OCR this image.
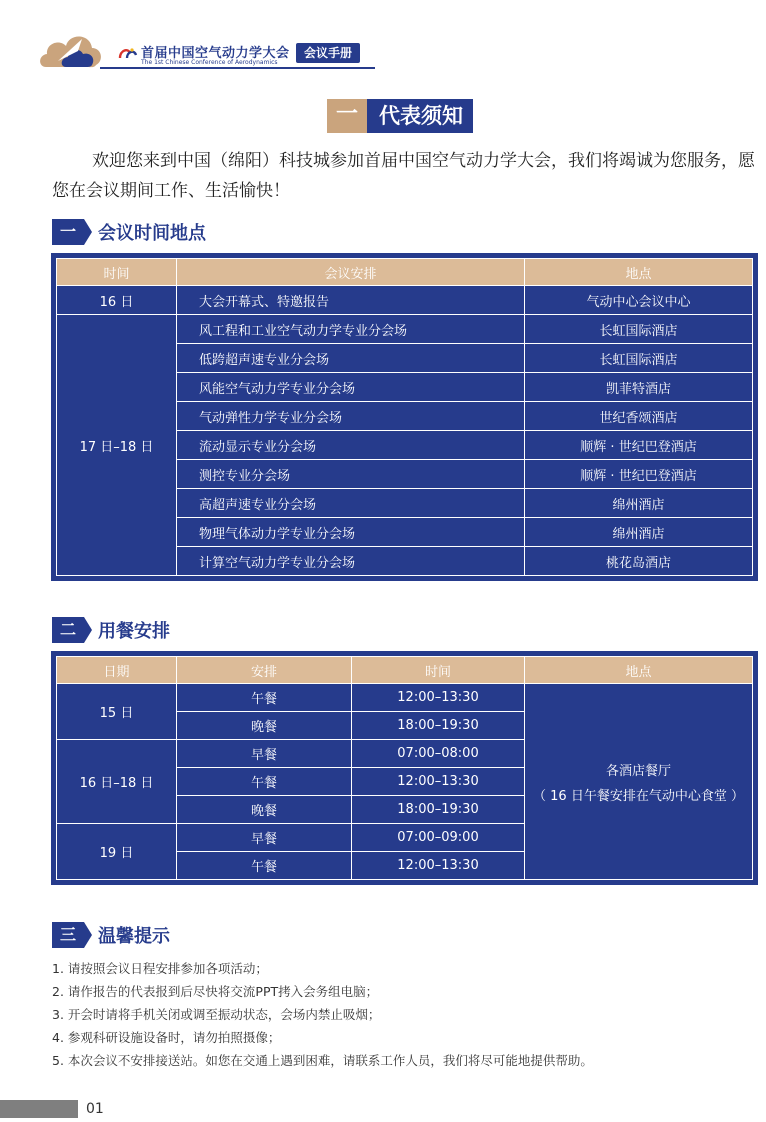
首届中国空气动力学大会
The 1st Chinese Conference of Aerodynamics
会议手册
一	代表须知

欢迎您来到中国（绵阳）科技城参加首届中国空气动力学大会，我们将竭诚为您服务，愿您在会议期间工作、生活愉快！

一	会议时间地点
时间	会议安排	地点
16 日	大会开幕式、特邀报告	气动中心会议中心
17 日–18 日	风工程和工业空气动力学专业分会场	长虹国际酒店
	低跨超声速专业分会场	长虹国际酒店
	风能空气动力学专业分会场	凯菲特酒店
	气动弹性力学专业分会场	世纪香颂酒店
	流动显示专业分会场	顺辉 · 世纪巴登酒店
	测控专业分会场	顺辉 · 世纪巴登酒店
	高超声速专业分会场	绵州酒店
	物理气体动力学专业分会场	绵州酒店
	计算空气动力学专业分会场	桃花岛酒店
二	用餐安排
日期	安排	时间	地点
15 日	午餐	12:00–13:30	各酒店餐厅
（ 16 日午餐安排在气动中心食堂 ）

	晚餐	18:00–19:30	
16 日–18 日	早餐	07:00–08:00	
	午餐	12:00–13:30	
	晚餐	18:00–19:30	
19 日	早餐	07:00–09:00	
	午餐	12:00–13:30	
三	温馨提示
1. 请按照会议日程安排参加各项活动；
2. 请作报告的代表报到后尽快将交流PPT拷入会务组电脑；
3. 开会时请将手机关闭或调至振动状态，会场内禁止吸烟；
4. 参观科研设施设备时，请勿拍照摄像；
5. 本次会议不安排接送站。如您在交通上遇到困难，请联系工作人员，我们将尽可能地提供帮助。
01
